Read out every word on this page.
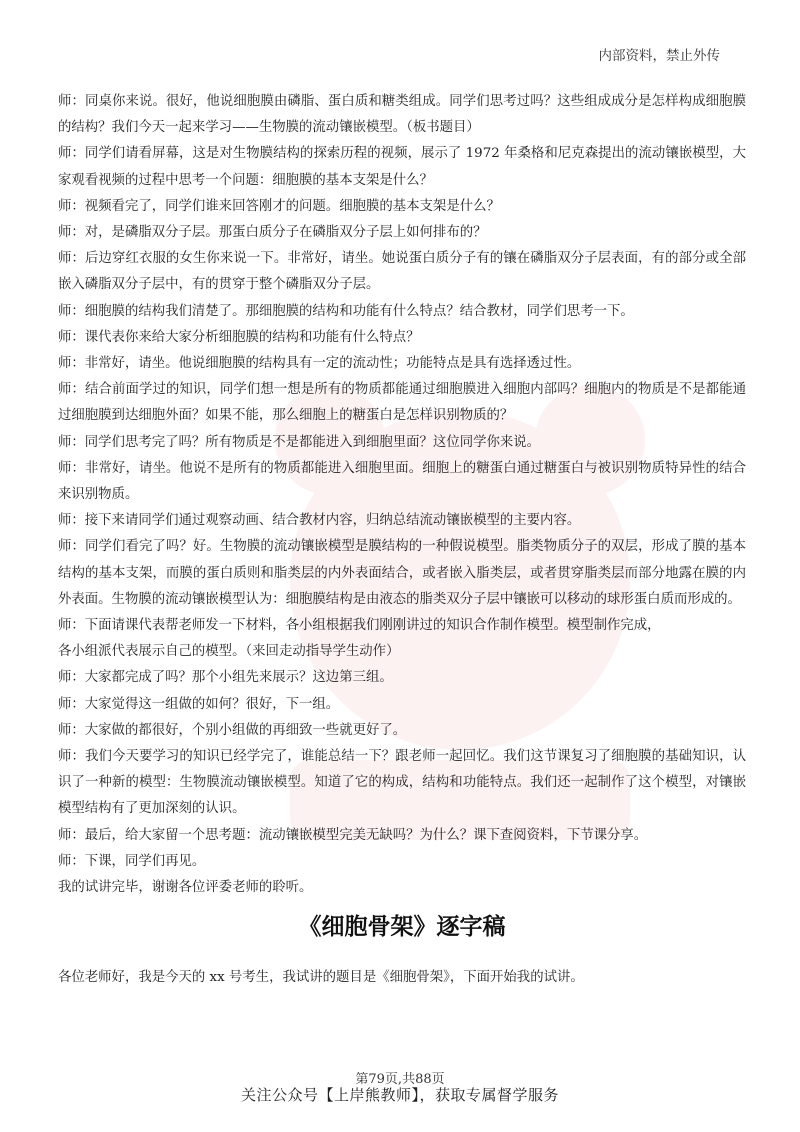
内部资料，禁止外传

师：同桌你来说。很好，他说细胞膜由磷脂、蛋白质和糖类组成。同学们思考过吗？这些组成成分是怎样构成细胞膜的结构？我们今天一起来学习——生物膜的流动镶嵌模型。（板书题目）

师：同学们请看屏幕，这是对生物膜结构的探索历程的视频，展示了 1972 年桑格和尼克森提出的流动镶嵌模型，大家观看视频的过程中思考一个问题：细胞膜的基本支架是什么？

师：视频看完了，同学们谁来回答刚才的问题。细胞膜的基本支架是什么？

师：对，是磷脂双分子层。那蛋白质分子在磷脂双分子层上如何排布的？

师：后边穿红衣服的女生你来说一下。非常好，请坐。她说蛋白质分子有的镶在磷脂双分子层表面，有的部分或全部嵌入磷脂双分子层中，有的贯穿于整个磷脂双分子层。

师：细胞膜的结构我们清楚了。那细胞膜的结构和功能有什么特点？结合教材，同学们思考一下。

师：课代表你来给大家分析细胞膜的结构和功能有什么特点？

师：非常好，请坐。他说细胞膜的结构具有一定的流动性；功能特点是具有选择透过性。

师：结合前面学过的知识，同学们想一想是所有的物质都能通过细胞膜进入细胞内部吗？细胞内的物质是不是都能通过细胞膜到达细胞外面？如果不能，那么细胞上的糖蛋白是怎样识别物质的？

师：同学们思考完了吗？所有物质是不是都能进入到细胞里面？这位同学你来说。

师：非常好，请坐。他说不是所有的物质都能进入细胞里面。细胞上的糖蛋白通过糖蛋白与被识别物质特异性的结合来识别物质。

师：接下来请同学们通过观察动画、结合教材内容，归纳总结流动镶嵌模型的主要内容。

师：同学们看完了吗？好。生物膜的流动镶嵌模型是膜结构的一种假说模型。脂类物质分子的双层，形成了膜的基本结构的基本支架，而膜的蛋白质则和脂类层的内外表面结合，或者嵌入脂类层，或者贯穿脂类层而部分地露在膜的内外表面。生物膜的流动镶嵌模型认为：细胞膜结构是由液态的脂类双分子层中镶嵌可以移动的球形蛋白质而形成的。

师：下面请课代表帮老师发一下材料，各小组根据我们刚刚讲过的知识合作制作模型。模型制作完成，

各小组派代表展示自己的模型。（来回走动指导学生动作）

师：大家都完成了吗？那个小组先来展示？这边第三组。

师：大家觉得这一组做的如何？很好，下一组。

师：大家做的都很好，个别小组做的再细致一些就更好了。

师：我们今天要学习的知识已经学完了，谁能总结一下？跟老师一起回忆。我们这节课复习了细胞膜的基础知识，认识了一种新的模型：生物膜流动镶嵌模型。知道了它的构成，结构和功能特点。我们还一起制作了这个模型，对镶嵌模型结构有了更加深刻的认识。

师：最后，给大家留一个思考题：流动镶嵌模型完美无缺吗？为什么？课下查阅资料，下节课分享。

师：下课，同学们再见。

我的试讲完毕，谢谢各位评委老师的聆听。

《细胞骨架》逐字稿

各位老师好，我是今天的 xx 号考生，我试讲的题目是《细胞骨架》，下面开始我的试讲。

第79页,共88页
关注公众号【上岸熊教师】，获取专属督学服务
